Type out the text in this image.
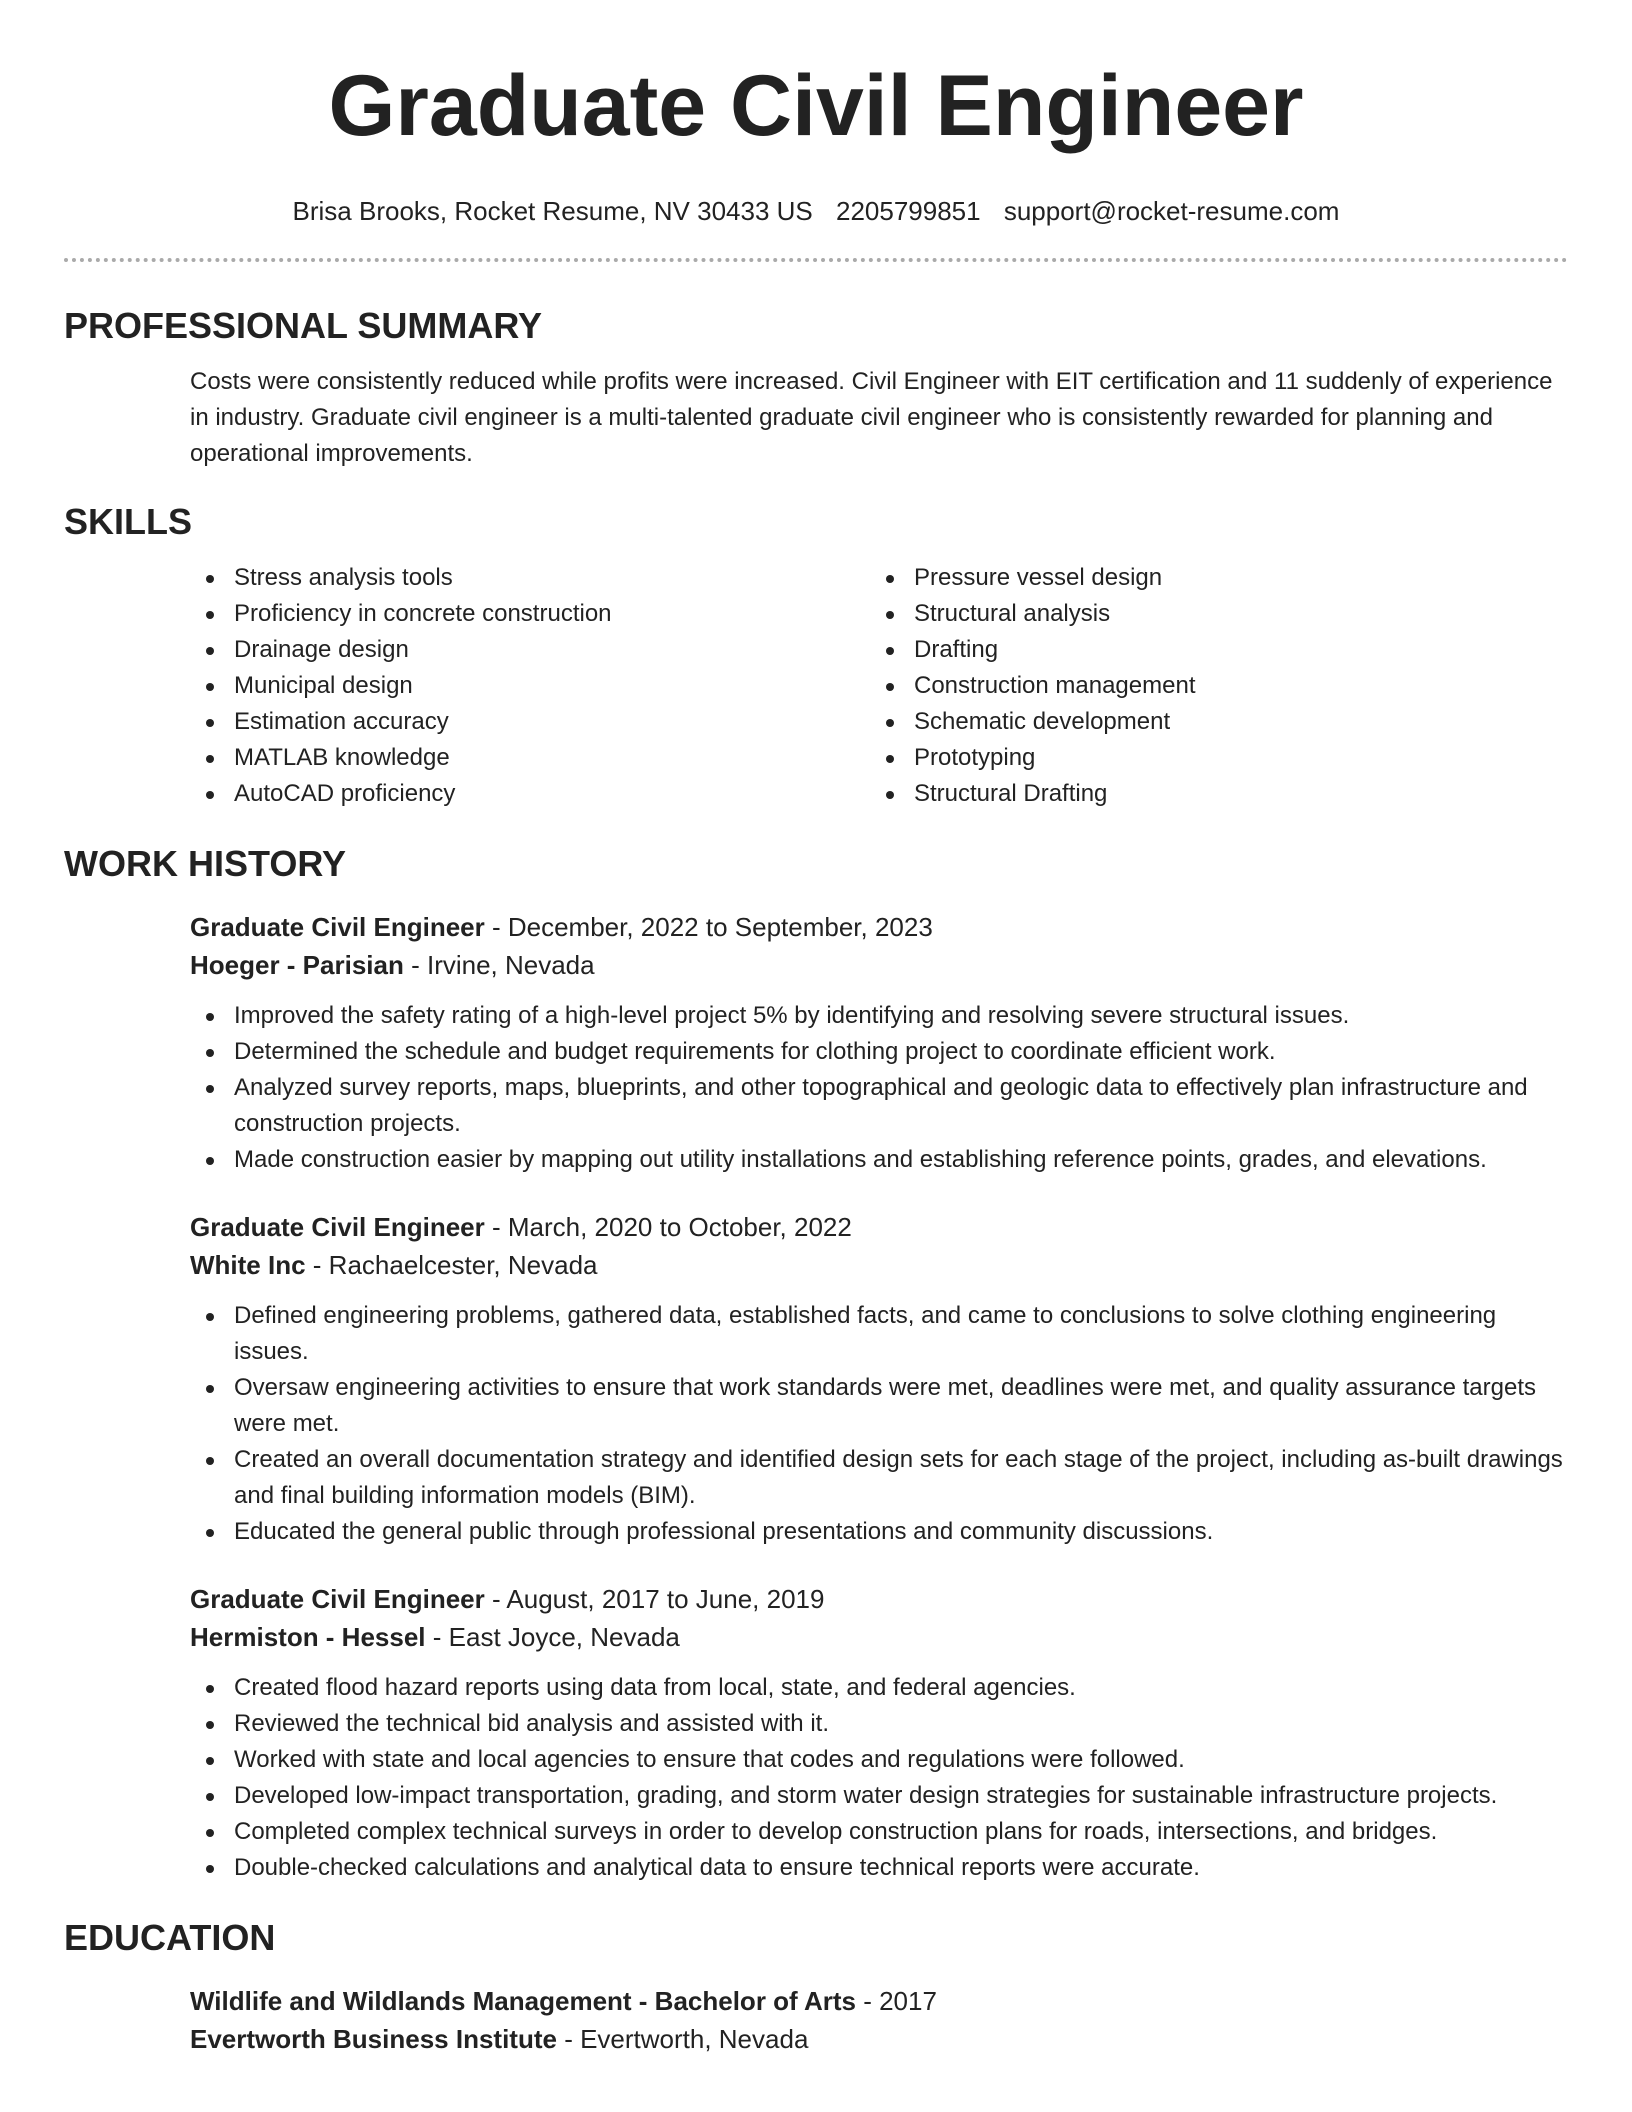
Graduate Civil Engineer
Brisa Brooks, Rocket Resume, NV 30433 US 2205799851 support@rocket-resume.com
PROFESSIONAL SUMMARY

Costs were consistently reduced while profits were increased. Civil Engineer with EIT certification and 11 suddenly of experience in industry. Graduate civil engineer is a multi-talented graduate civil engineer who is consistently rewarded for planning and operational improvements.

SKILLS
Stress analysis tools
Proficiency in concrete construction
Drainage design
Municipal design
Estimation accuracy
MATLAB knowledge
AutoCAD proficiency
Pressure vessel design
Structural analysis
Drafting
Construction management
Schematic development
Prototyping
Structural Drafting
WORK HISTORY
Graduate Civil Engineer - December, 2022 to September, 2023
Hoeger - Parisian - Irvine, Nevada
Improved the safety rating of a high-level project 5% by identifying and resolving severe structural issues.
Determined the schedule and budget requirements for clothing project to coordinate efficient work.
Analyzed survey reports, maps, blueprints, and other topographical and geologic data to effectively plan infrastructure and construction projects.
Made construction easier by mapping out utility installations and establishing reference points, grades, and elevations.
Graduate Civil Engineer - March, 2020 to October, 2022
White Inc - Rachaelcester, Nevada
Defined engineering problems, gathered data, established facts, and came to conclusions to solve clothing engineering issues.
Oversaw engineering activities to ensure that work standards were met, deadlines were met, and quality assurance targets were met.
Created an overall documentation strategy and identified design sets for each stage of the project, including as-built drawings and final building information models (BIM).
Educated the general public through professional presentations and community discussions.
Graduate Civil Engineer - August, 2017 to June, 2019
Hermiston - Hessel - East Joyce, Nevada
Created flood hazard reports using data from local, state, and federal agencies.
Reviewed the technical bid analysis and assisted with it.
Worked with state and local agencies to ensure that codes and regulations were followed.
Developed low-impact transportation, grading, and storm water design strategies for sustainable infrastructure projects.
Completed complex technical surveys in order to develop construction plans for roads, intersections, and bridges.
Double-checked calculations and analytical data to ensure technical reports were accurate.
EDUCATION
Wildlife and Wildlands Management - Bachelor of Arts - 2017
Evertworth Business Institute - Evertworth, Nevada
